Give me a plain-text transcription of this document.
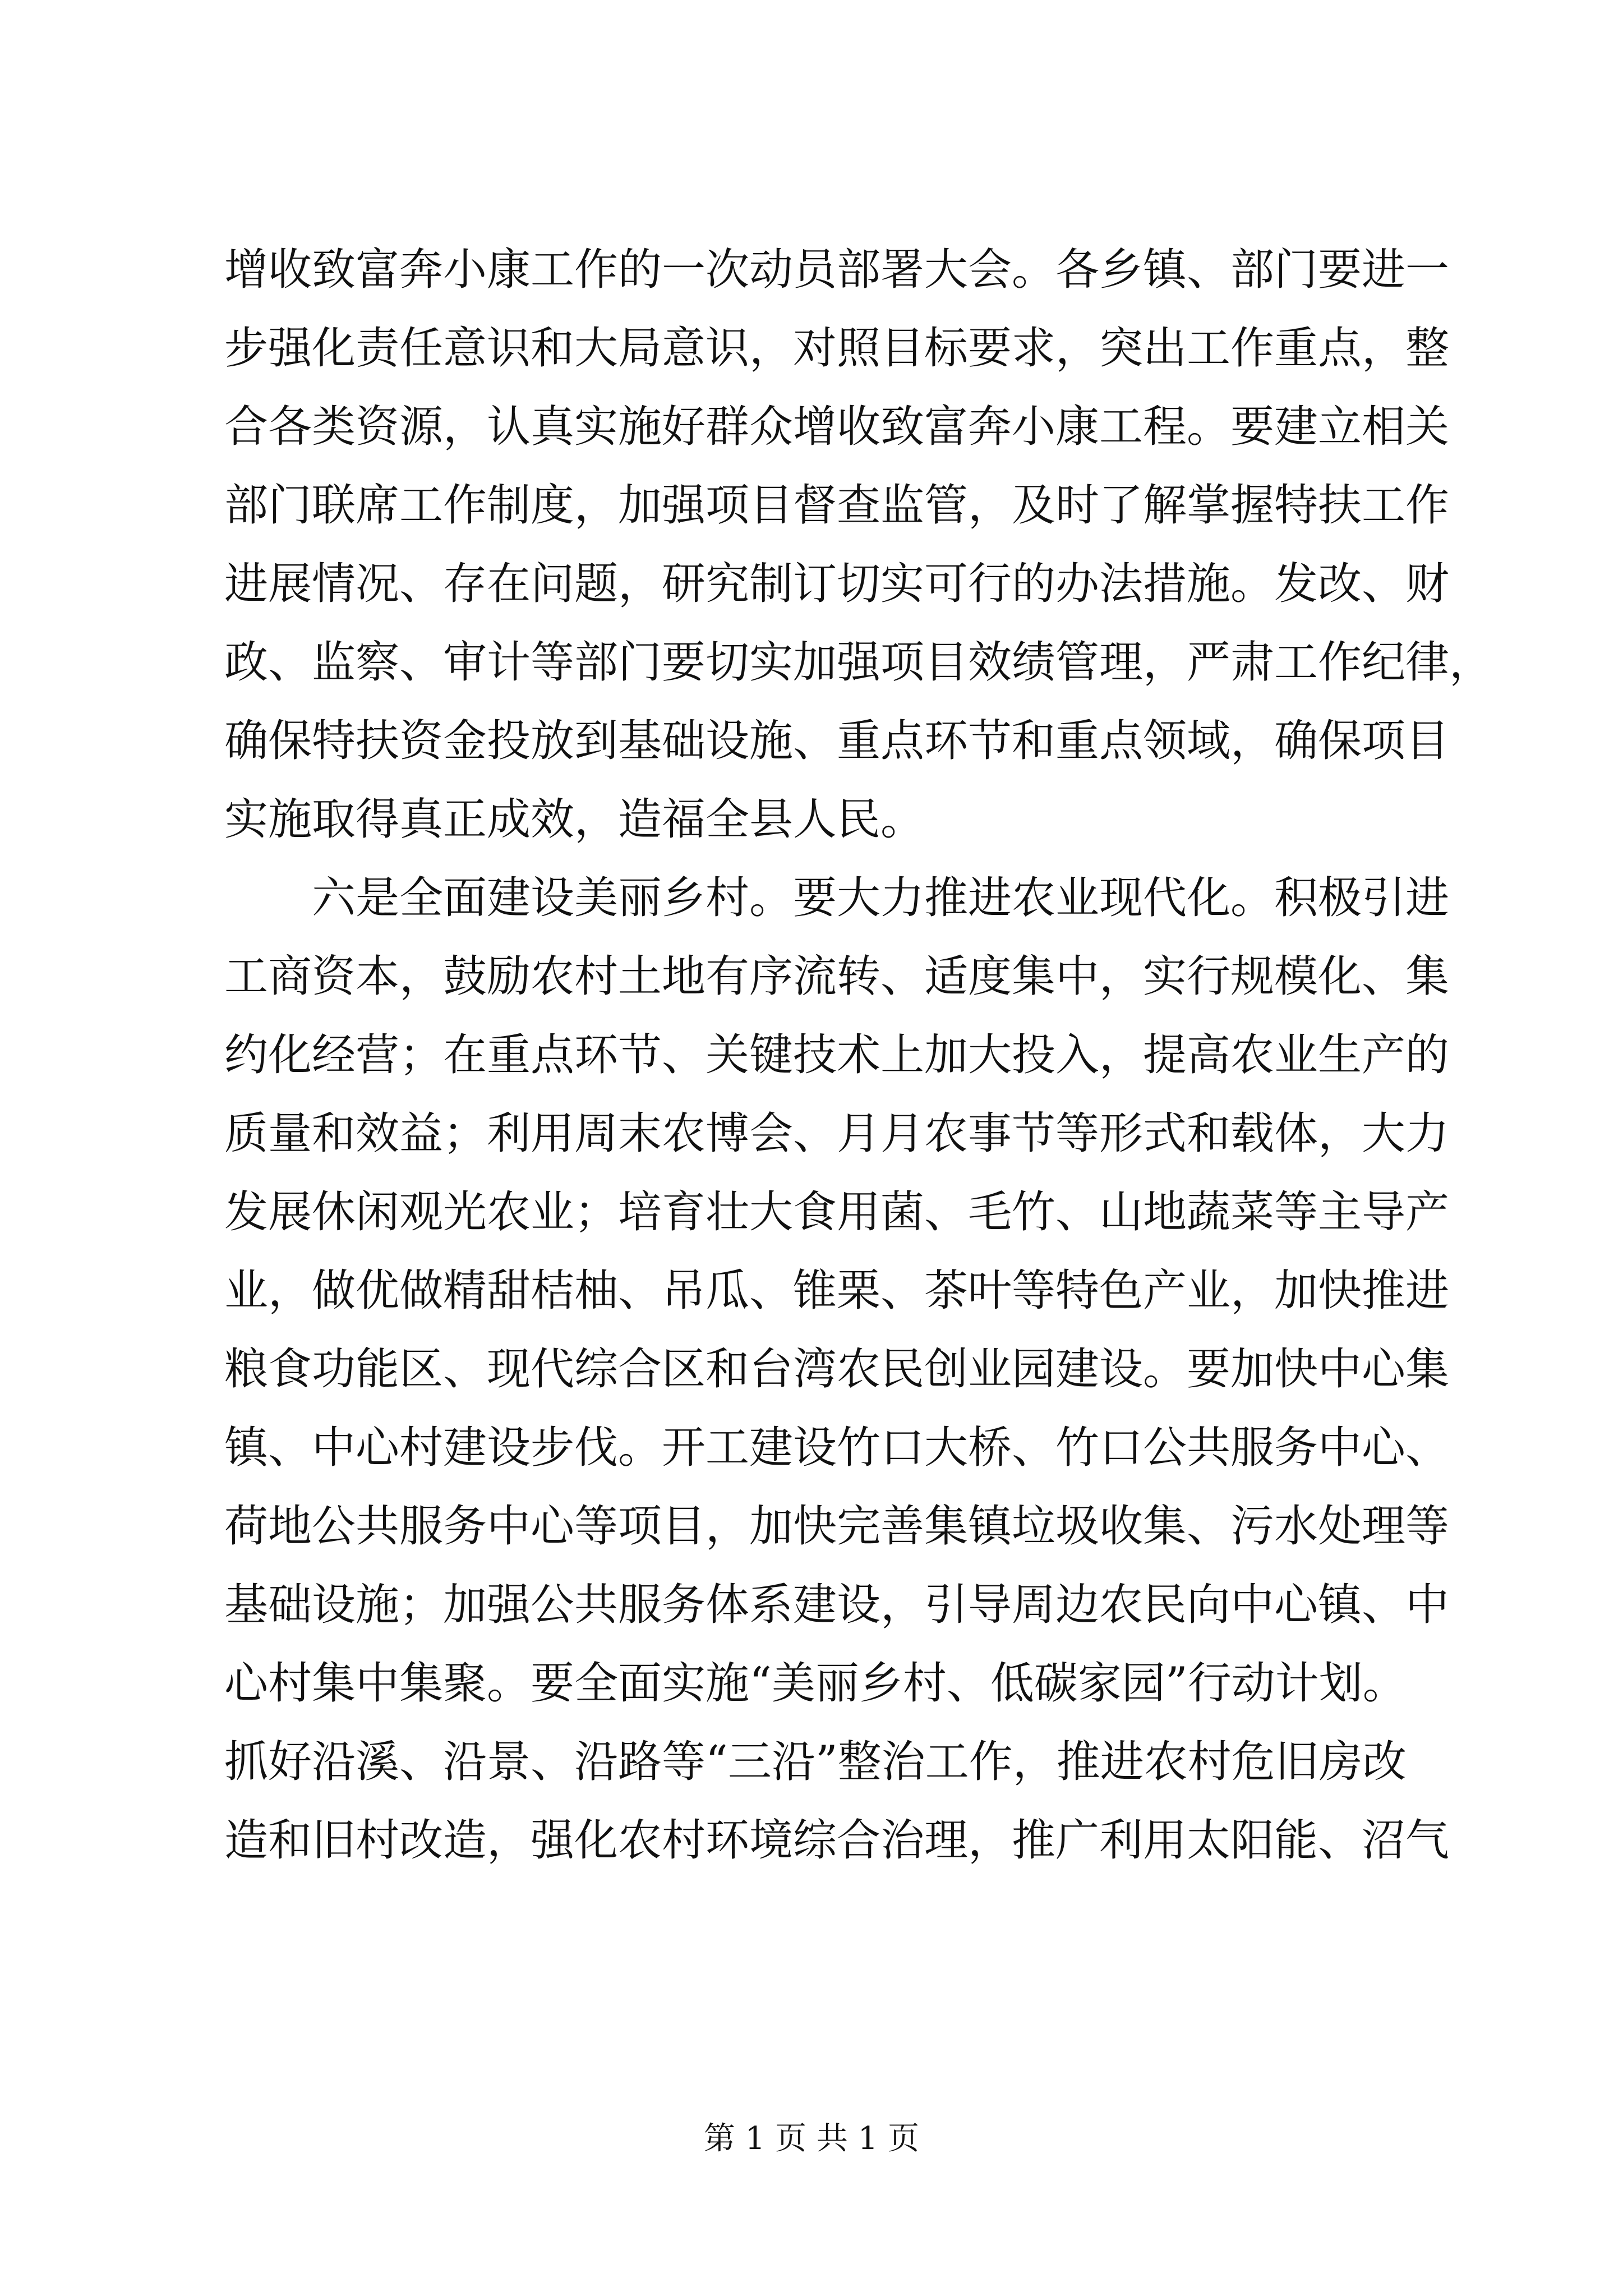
增收致富奔小康工作的一次动员部署大会。各乡镇、部门要进一
步强化责任意识和大局意识，对照目标要求，突出工作重点，整
合各类资源，认真实施好群众增收致富奔小康工程。要建立相关
部门联席工作制度，加强项目督查监管，及时了解掌握特扶工作
进展情况、存在问题，研究制订切实可行的办法措施。发改、财
政、监察、审计等部门要切实加强项目效绩管理，严肃工作纪律，
确保特扶资金投放到基础设施、重点环节和重点领域，确保项目
实施取得真正成效，造福全县人民。
六是全面建设美丽乡村。要大力推进农业现代化。积极引进
工商资本，鼓励农村土地有序流转、适度集中，实行规模化、集
约化经营；在重点环节、关键技术上加大投入，提高农业生产的
质量和效益；利用周末农博会、月月农事节等形式和载体，大力
发展休闲观光农业；培育壮大食用菌、毛竹、山地蔬菜等主导产
业，做优做精甜桔柚、吊瓜、锥栗、茶叶等特色产业，加快推进
粮食功能区、现代综合区和台湾农民创业园建设。要加快中心集
镇、中心村建设步伐。开工建设竹口大桥、竹口公共服务中心、
荷地公共服务中心等项目，加快完善集镇垃圾收集、污水处理等
基础设施；加强公共服务体系建设，引导周边农民向中心镇、中
心村集中集聚。要全面实施“美丽乡村、低碳家园”行动计划。
抓好沿溪、沿景、沿路等“三沿”整治工作，推进农村危旧房改
造和旧村改造，强化农村环境综合治理，推广利用太阳能、沼气
第 1 页 共 1 页
